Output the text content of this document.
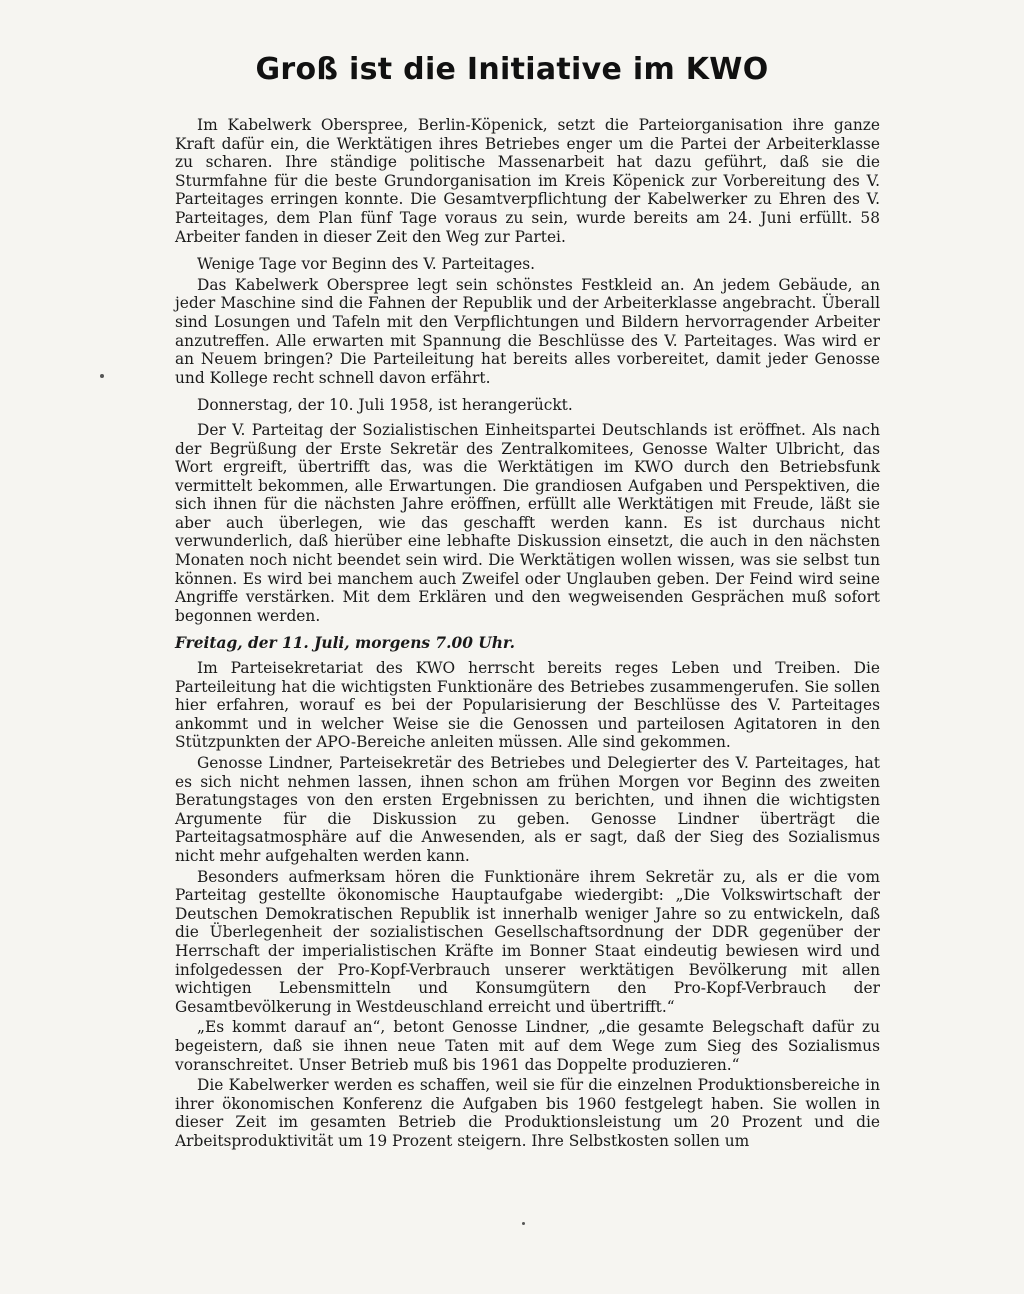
Groß ist die Initiative im KWO

Im Kabelwerk Oberspree, Berlin-Köpenick, setzt die Parteiorganisation ihre ganze Kraft dafür ein, die Werktätigen ihres Betriebes enger um die Partei der Arbeiterklasse zu scharen. Ihre ständige politische Massenarbeit hat dazu geführt, daß sie die Sturmfahne für die beste Grundorganisation im Kreis Köpenick zur Vorbereitung des V. Parteitages erringen konnte. Die Gesamtverpflichtung der Kabelwerker zu Ehren des V. Parteitages, dem Plan fünf Tage voraus zu sein, wurde bereits am 24. Juni erfüllt. 58 Arbeiter fanden in dieser Zeit den Weg zur Partei.

Wenige Tage vor Beginn des V. Parteitages.

Das Kabelwerk Oberspree legt sein schönstes Festkleid an. An jedem Gebäude, an jeder Maschine sind die Fahnen der Republik und der Arbeiterklasse angebracht. Überall sind Losungen und Tafeln mit den Verpflichtungen und Bildern hervorragender Arbeiter anzutreffen. Alle erwarten mit Spannung die Beschlüsse des V. Parteitages. Was wird er an Neuem bringen? Die Parteileitung hat bereits alles vorbereitet, damit jeder Genosse und Kollege recht schnell davon erfährt.

Donnerstag, der 10. Juli 1958, ist herangerückt.

Der V. Parteitag der Sozialistischen Einheitspartei Deutschlands ist eröffnet. Als nach der Begrüßung der Erste Sekretär des Zentralkomitees, Genosse Walter Ulbricht, das Wort ergreift, übertrifft das, was die Werktätigen im KWO durch den Betriebsfunk vermittelt bekommen, alle Erwartungen. Die grandiosen Aufgaben und Perspektiven, die sich ihnen für die nächsten Jahre eröffnen, erfüllt alle Werktätigen mit Freude, läßt sie aber auch überlegen, wie das geschafft werden kann. Es ist durchaus nicht verwunderlich, daß hierüber eine lebhafte Diskussion einsetzt, die auch in den nächsten Monaten noch nicht beendet sein wird. Die Werktätigen wollen wissen, was sie selbst tun können. Es wird bei manchem auch Zweifel oder Unglauben geben. Der Feind wird seine Angriffe verstärken. Mit dem Erklären und den wegweisenden Gesprächen muß sofort begonnen werden.

Freitag, der 11. Juli, morgens 7.00 Uhr.

Im Parteisekretariat des KWO herrscht bereits reges Leben und Treiben. Die Parteileitung hat die wichtigsten Funktionäre des Betriebes zusammengerufen. Sie sollen hier erfahren, worauf es bei der Popularisierung der Beschlüsse des V. Parteitages ankommt und in welcher Weise sie die Genossen und parteilosen Agitatoren in den Stützpunkten der APO-Bereiche anleiten müssen. Alle sind gekommen.

Genosse Lindner, Parteisekretär des Betriebes und Delegierter des V. Parteitages, hat es sich nicht nehmen lassen, ihnen schon am frühen Morgen vor Beginn des zweiten Beratungstages von den ersten Ergebnissen zu berichten, und ihnen die wichtigsten Argumente für die Diskussion zu geben. Genosse Lindner überträgt die Parteitagsatmosphäre auf die Anwesenden, als er sagt, daß der Sieg des Sozialismus nicht mehr aufgehalten werden kann.

Besonders aufmerksam hören die Funktionäre ihrem Sekretär zu, als er die vom Parteitag gestellte ökonomische Hauptaufgabe wiedergibt: „Die Volkswirtschaft der Deutschen Demokratischen Republik ist innerhalb weniger Jahre so zu entwickeln, daß die Überlegenheit der sozialistischen Gesellschaftsordnung der DDR gegenüber der Herrschaft der imperialistischen Kräfte im Bonner Staat eindeutig bewiesen wird und infolgedessen der Pro-Kopf-Verbrauch unserer werktätigen Bevölkerung mit allen wichtigen Lebensmitteln und Konsumgütern den Pro-Kopf-Verbrauch der Gesamtbevölkerung in Westdeuschland erreicht und übertrifft.“

„Es kommt darauf an“, betont Genosse Lindner, „die gesamte Belegschaft dafür zu begeistern, daß sie ihnen neue Taten mit auf dem Wege zum Sieg des Sozialismus voranschreitet. Unser Betrieb muß bis 1961 das Doppelte produzieren.“

Die Kabelwerker werden es schaffen, weil sie für die einzelnen Produktionsbereiche in ihrer ökonomischen Konferenz die Aufgaben bis 1960 festgelegt haben. Sie wollen in dieser Zeit im gesamten Betrieb die Produktionsleistung um 20 Prozent und die Arbeitsproduktivität um 19 Prozent steigern. Ihre Selbstkosten sollen um
